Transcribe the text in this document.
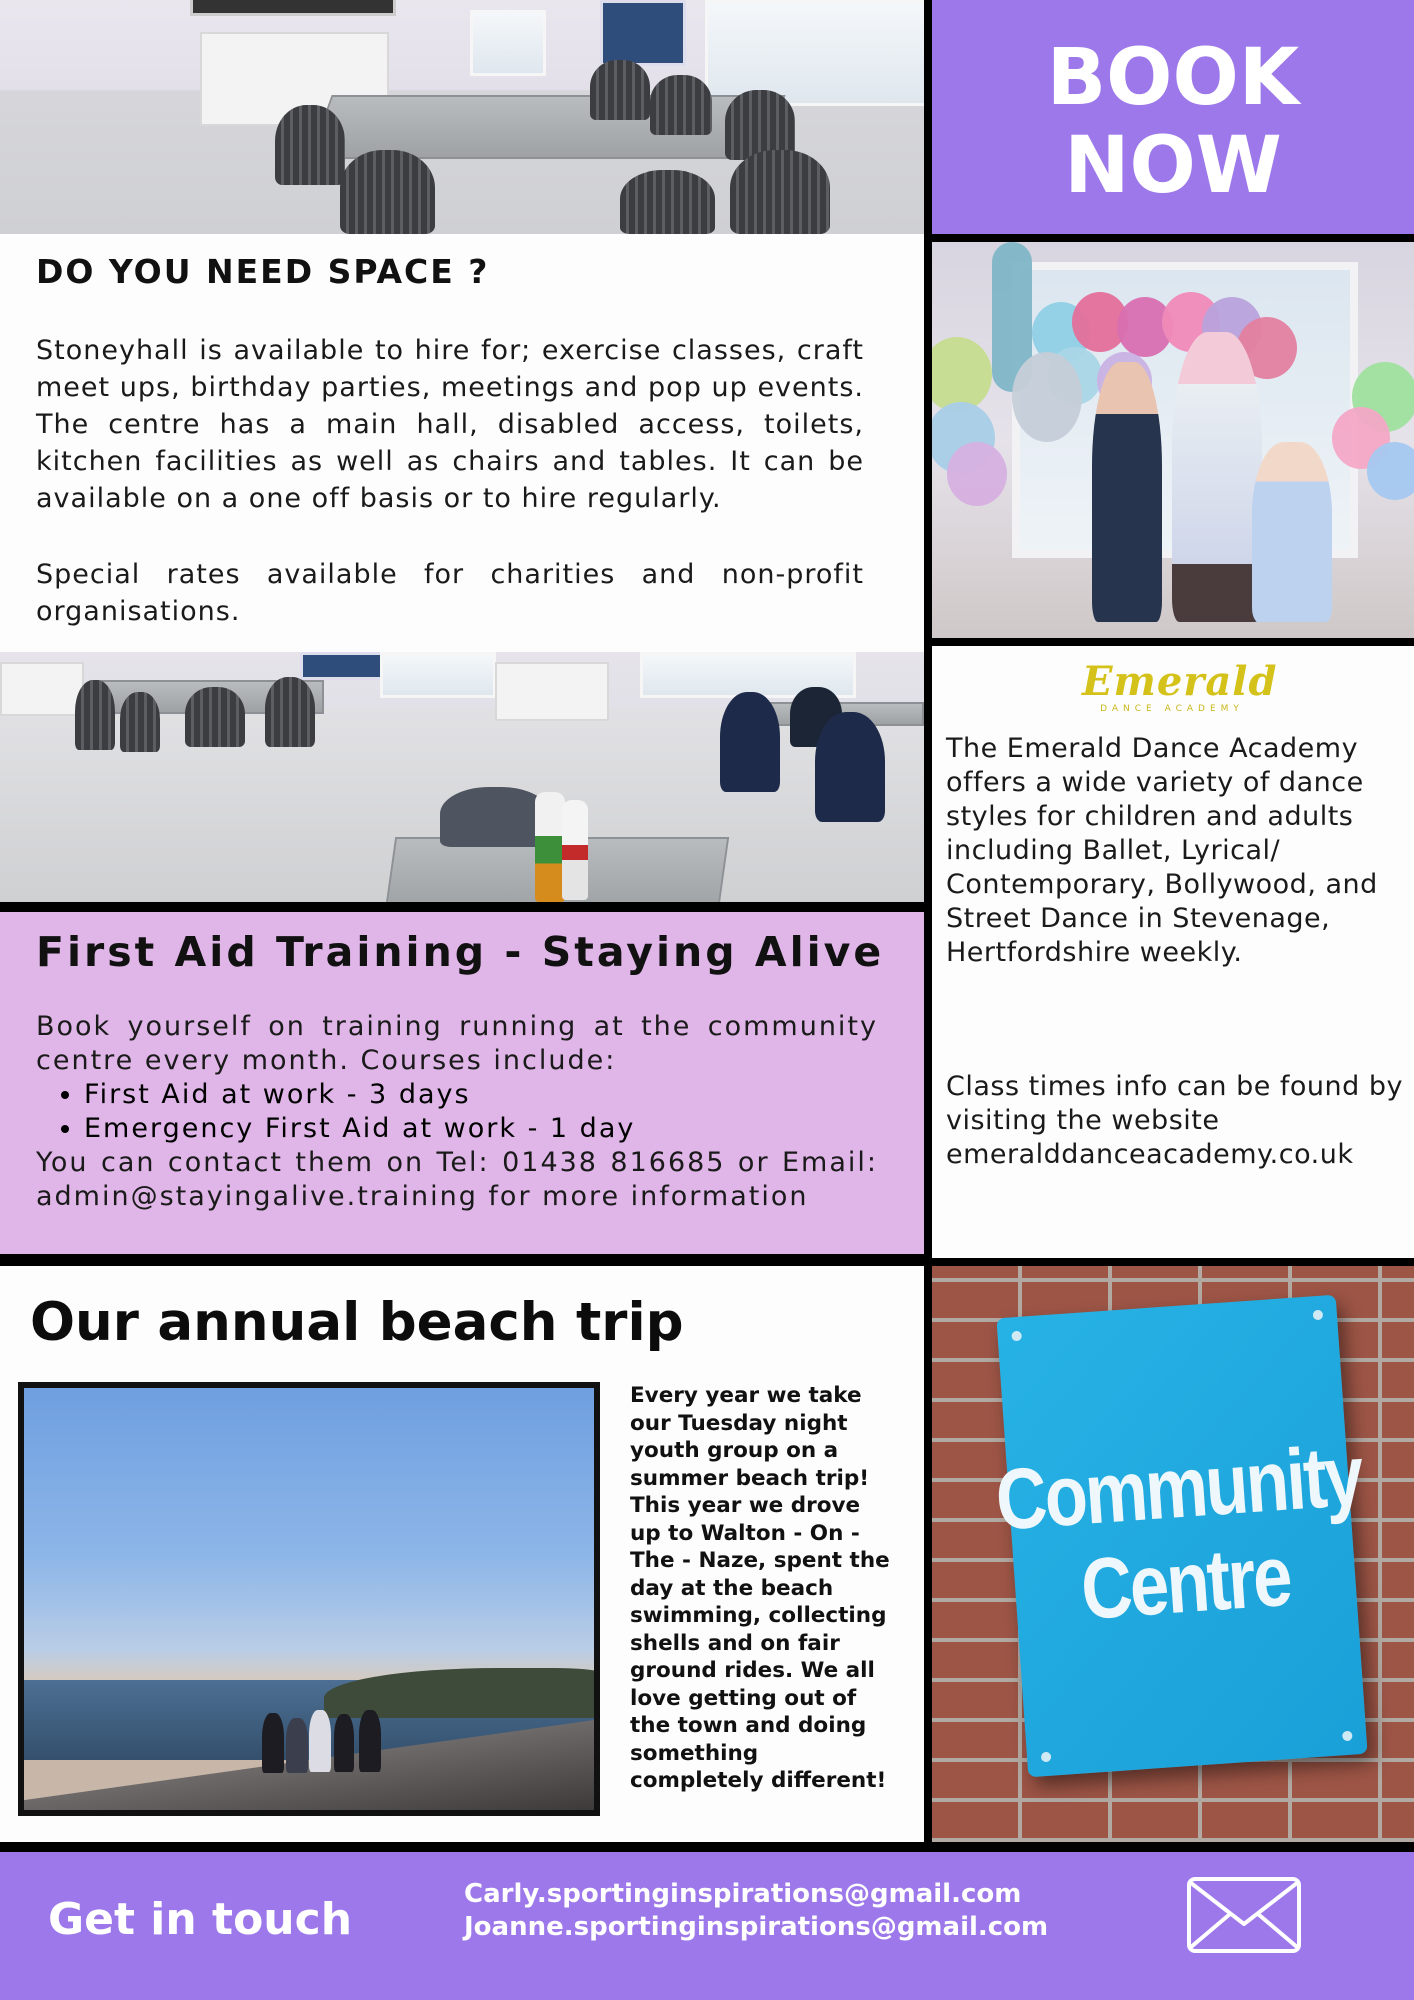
BOOK
NOW
DO YOU NEED SPACE ?

Stoneyhall is available to hire for; exercise classes, craft meet ups, birthday parties, meetings and pop up events. The centre has a main hall, disabled access, toilets, kitchen facilities as well as chairs and tables. It can be available on a one off basis or to hire regularly.

Special rates available for charities and non-profit organisations.

Emerald
DANCE ACADEMY

The Emerald Dance Academy offers a wide variety of dance styles for children and adults including Ballet, Lyrical/ Contemporary, Bollywood, and Street Dance in Stevenage, Hertfordshire weekly.

Class times info can be found by visiting the website emeralddanceacademy.co.uk

First Aid Training - Staying Alive
Book yourself on training running at the community centre every month. Courses include:
• First Aid at work - 3 days
• Emergency First Aid at work - 1 day
You can contact them on Tel: 01438 816685 or Email: admin@stayingalive.training for more information
Our annual beach trip

Every year we take our Tuesday night youth group on a summer beach trip! This year we drove up to Walton - On - The - Naze, spent the day at the beach swimming, collecting shells and on fair ground rides. We all love getting out of the town and doing something completely different!

Community
Centre
Get in touch	Carly.sportinginspirations@gmail.com
Joanne.sportinginspirations@gmail.com
